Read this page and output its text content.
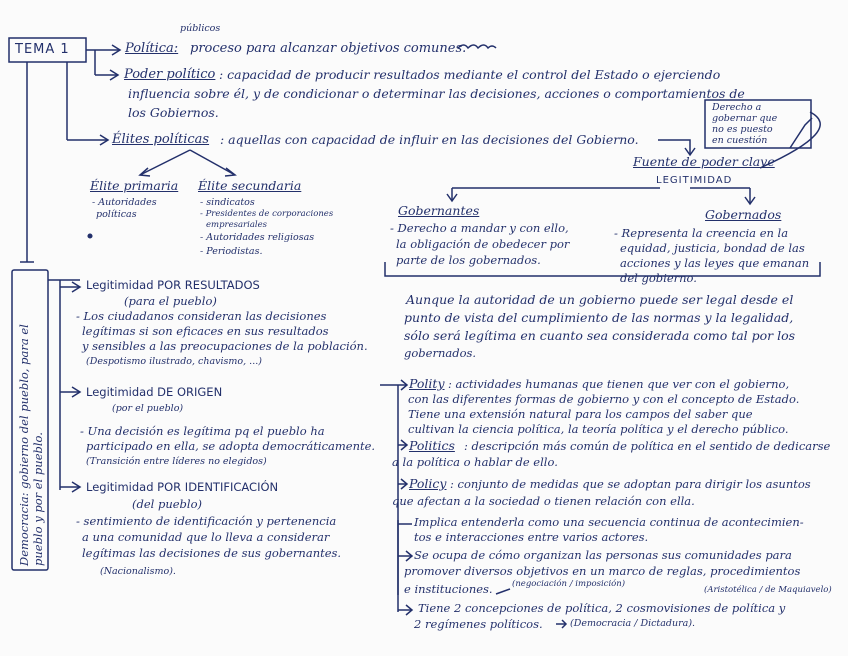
TEMA 1
públicos
Política: proceso para alcanzar objetivos comunes.
Poder político : capacidad de producir resultados mediante el control del Estado o ejerciendo
influencia sobre él, y de condicionar o determinar las decisiones, acciones o comportamientos de
los Gobiernos.
Élites políticas : aquellas con capacidad de influir en las decisiones del Gobierno.
Élite primaria
- Autoridades
políticas
Élite secundaria
- sindicatos
- Presidentes de corporaciones
empresariales
- Autoridades religiosas
- Periodistas.
Derecho a
gobernar que
no es puesto
en cuestión
Fuente de poder clave
LEGITIMIDAD
Gobernantes
- Derecho a mandar y con ello,
la obligación de obedecer por
parte de los gobernados.
Gobernados
- Representa la creencia en la
equidad, justicia, bondad de las
acciones y las leyes que emanan
del gobierno.
Democracia: gobierno del pueblo, para el pueblo y por el pueblo.
Legitimidad POR RESULTADOS
(para el pueblo)
- Los ciudadanos consideran las decisiones
legítimas si son eficaces en sus resultados
y sensibles a las preocupaciones de la población.
(Despotismo ilustrado, chavismo, ...)
Legitimidad DE ORIGEN
(por el pueblo)
- Una decisión es legítima pq el pueblo ha
participado en ella, se adopta democráticamente.
(Transición entre líderes no elegidos)
Legitimidad POR IDENTIFICACIÓN
(del pueblo)
- sentimiento de identificación y pertenencia
a una comunidad que lo lleva a considerar
legítimas las decisiones de sus gobernantes.
(Nacionalismo).
Aunque la autoridad de un gobierno puede ser legal desde el
punto de vista del cumplimiento de las normas y la legalidad,
sólo será legítima en cuanto sea considerada como tal por los
gobernados.
Polity : actividades humanas que tienen que ver con el gobierno,
con las diferentes formas de gobierno y con el concepto de Estado.
Tiene una extensión natural para los campos del saber que
cultivan la ciencia política, la teoría política y el derecho público.
Politics : descripción más común de política en el sentido de dedicarse
a la política o hablar de ello.
Policy : conjunto de medidas que se adoptan para dirigir los asuntos
que afectan a la sociedad o tienen relación con ella.
Implica entenderla como una secuencia continua de acontecimien-
tos e interacciones entre varios actores.
Se ocupa de cómo organizan las personas sus comunidades para
promover diversos objetivos en un marco de reglas, procedimientos
e instituciones. (negociación / imposición)
(Aristotélica / de Maquiavelo)
Tiene 2 concepciones de política, 2 cosmovisiones de política y
2 regímenes políticos.	(Democracia / Dictadura).
